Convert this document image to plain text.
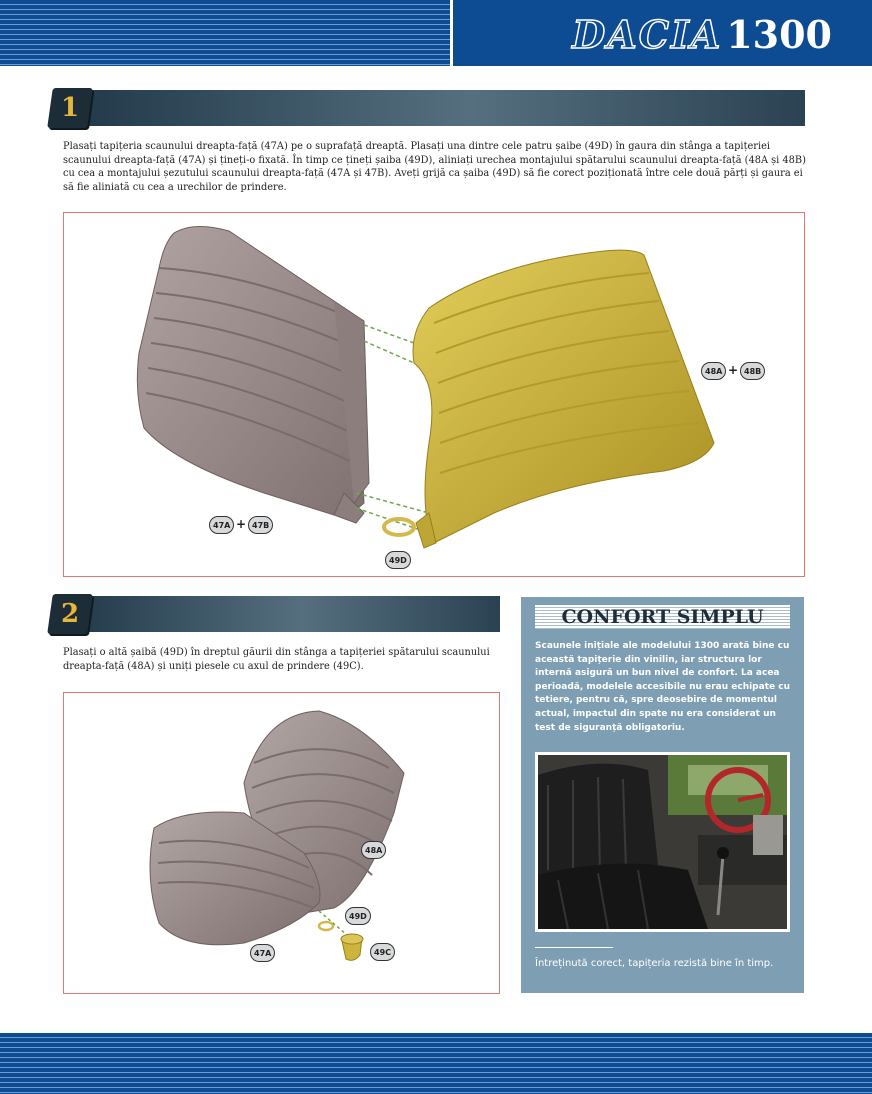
DACIA 1300
1

Plasați tapițeria scaunului dreapta-față (47A) pe o suprafață dreaptă. Plasați una dintre cele patru șaibe (49D) în gaura din stânga a tapițeriei scaunului dreapta-față (47A) și țineți-o fixată. În timp ce țineți șaiba (49D), aliniați urechea montajului spătarului scaunului dreapta-față (48A și 48B) cu cea a montajului șezutului scaunului dreapta-față (47A și 47B). Aveți grijă ca șaiba (49D) să fie corect poziționată între cele două părți și gaura ei să fie aliniată cu cea a urechilor de prindere.

47A + 47B
48A + 48B
49D
2

Plasați o altă șaibă (49D) în dreptul găurii din stânga a tapițeriei spătarului scaunului dreapta-față (48A) și uniți piesele cu axul de prindere (49C).

48A
49D
47A	49C
CONFORT SIMPLU

Scaunele inițiale ale modelului 1300 arată bine cu această tapițerie din vinilin, iar structura lor internă asigură un bun nivel de confort. La acea perioadă, modelele accesibile nu erau echipate cu tetiere, pentru că, spre deosebire de momentul actual, impactul din spate nu era considerat un test de siguranță obligatoriu.

Întreținută corect, tapițeria rezistă bine în timp.
